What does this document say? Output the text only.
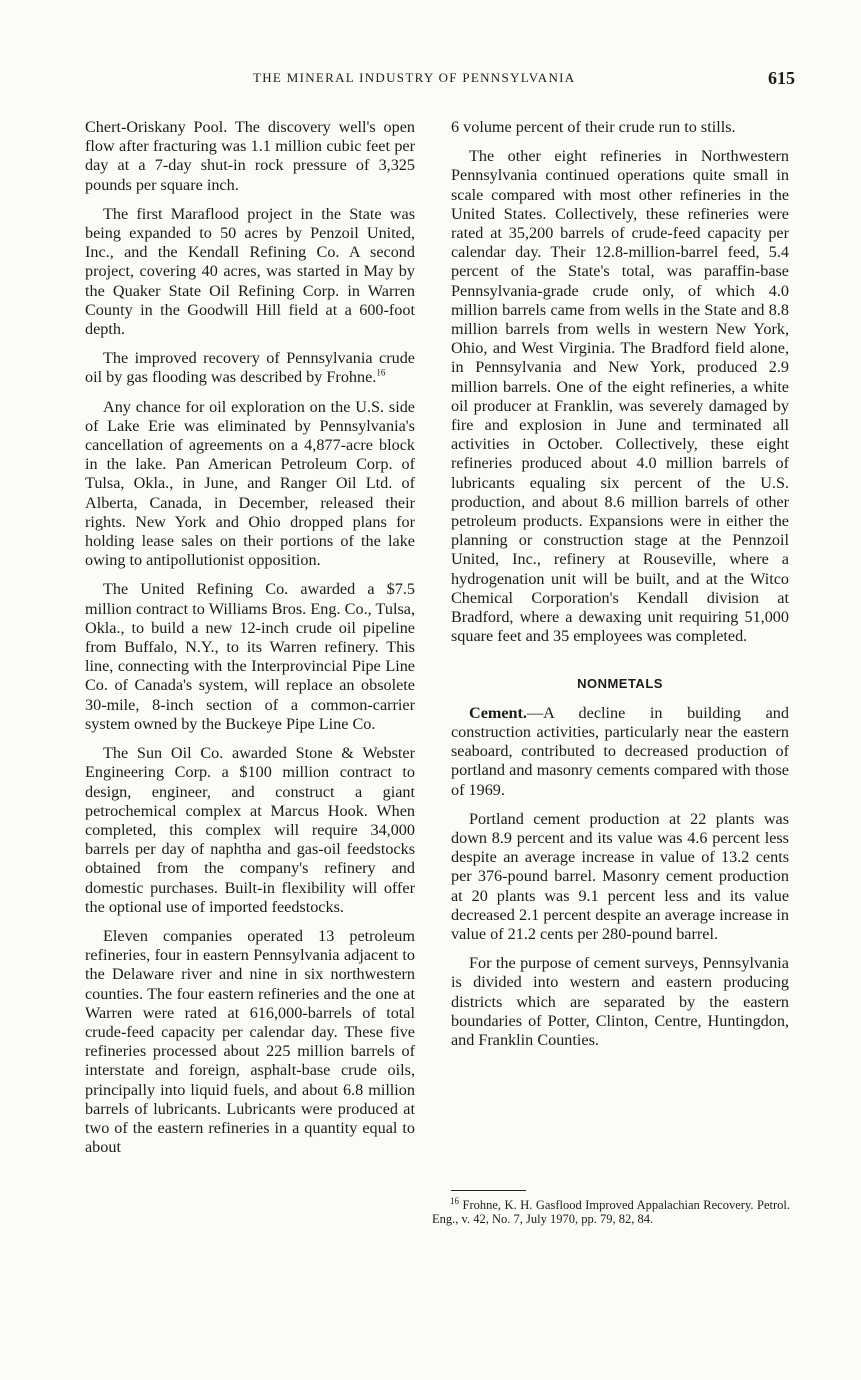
THE MINERAL INDUSTRY OF PENNSYLVANIA	615

Chert-Oriskany Pool. The discovery well's open flow after fracturing was 1.1 million cubic feet per day at a 7-day shut-in rock pressure of 3,325 pounds per square inch.

The first Maraflood project in the State was being expanded to 50 acres by Penzoil United, Inc., and the Kendall Refining Co. A second project, covering 40 acres, was started in May by the Quaker State Oil Refining Corp. in Warren County in the Goodwill Hill field at a 600-foot depth.

The improved recovery of Pennsylvania crude oil by gas flooding was described by Frohne.$^{16}$

Any chance for oil exploration on the U.S. side of Lake Erie was eliminated by Pennsylvania's cancellation of agreements on a 4,877-acre block in the lake. Pan American Petroleum Corp. of Tulsa, Okla., in June, and Ranger Oil Ltd. of Alberta, Canada, in December, released their rights. New York and Ohio dropped plans for holding lease sales on their portions of the lake owing to antipollutionist opposition.

The United Refining Co. awarded a $7.5 million contract to Williams Bros. Eng. Co., Tulsa, Okla., to build a new 12-inch crude oil pipeline from Buffalo, N.Y., to its Warren refinery. This line, connecting with the Interprovincial Pipe Line Co. of Canada's system, will replace an obsolete 30-mile, 8-inch section of a common-carrier system owned by the Buckeye Pipe Line Co.

The Sun Oil Co. awarded Stone & Webster Engineering Corp. a $100 million contract to design, engineer, and construct a giant petrochemical complex at Marcus Hook. When completed, this complex will require 34,000 barrels per day of naphtha and gas-oil feedstocks obtained from the company's refinery and domestic purchases. Built-in flexibility will offer the optional use of imported feedstocks.

Eleven companies operated 13 petroleum refineries, four in eastern Pennsylvania adjacent to the Delaware river and nine in six northwestern counties. The four eastern refineries and the one at Warren were rated at 616,000-barrels of total crude-feed capacity per calendar day. These five refineries processed about 225 million barrels of interstate and foreign, asphalt-base crude oils, principally into liquid fuels, and about 6.8 million barrels of lubricants. Lubricants were produced at two of the eastern refineries in a quantity equal to about

6 volume percent of their crude run to stills.

The other eight refineries in Northwestern Pennsylvania continued operations quite small in scale compared with most other refineries in the United States. Collectively, these refineries were rated at 35,200 barrels of crude-feed capacity per calendar day. Their 12.8-million-barrel feed, 5.4 percent of the State's total, was paraffin-base Pennsylvania-grade crude only, of which 4.0 million barrels came from wells in the State and 8.8 million barrels from wells in western New York, Ohio, and West Virginia. The Bradford field alone, in Pennsylvania and New York, produced 2.9 million barrels. One of the eight refineries, a white oil producer at Franklin, was severely damaged by fire and explosion in June and terminated all activities in October. Collectively, these eight refineries produced about 4.0 million barrels of lubricants equaling six percent of the U.S. production, and about 8.6 million barrels of other petroleum products. Expansions were in either the planning or construction stage at the Pennzoil United, Inc., refinery at Rouseville, where a hydrogenation unit will be built, and at the Witco Chemical Corporation's Kendall division at Bradford, where a dewaxing unit requiring 51,000 square feet and 35 employees was completed.

NONMETALS

Cement.—A decline in building and construction activities, particularly near the eastern seaboard, contributed to decreased production of portland and masonry cements compared with those of 1969.

Portland cement production at 22 plants was down 8.9 percent and its value was 4.6 percent less despite an average increase in value of 13.2 cents per 376-pound barrel. Masonry cement production at 20 plants was 9.1 percent less and its value decreased 2.1 percent despite an average increase in value of 21.2 cents per 280-pound barrel.

For the purpose of cement surveys, Pennsylvania is divided into western and eastern producing districts which are separated by the eastern boundaries of Potter, Clinton, Centre, Huntingdon, and Franklin Counties.

$^{16}$ Frohne, K. H. Gasflood Improved Appalachian Recovery. Petrol. Eng., v. 42, No. 7, July 1970, pp. 79, 82, 84.
